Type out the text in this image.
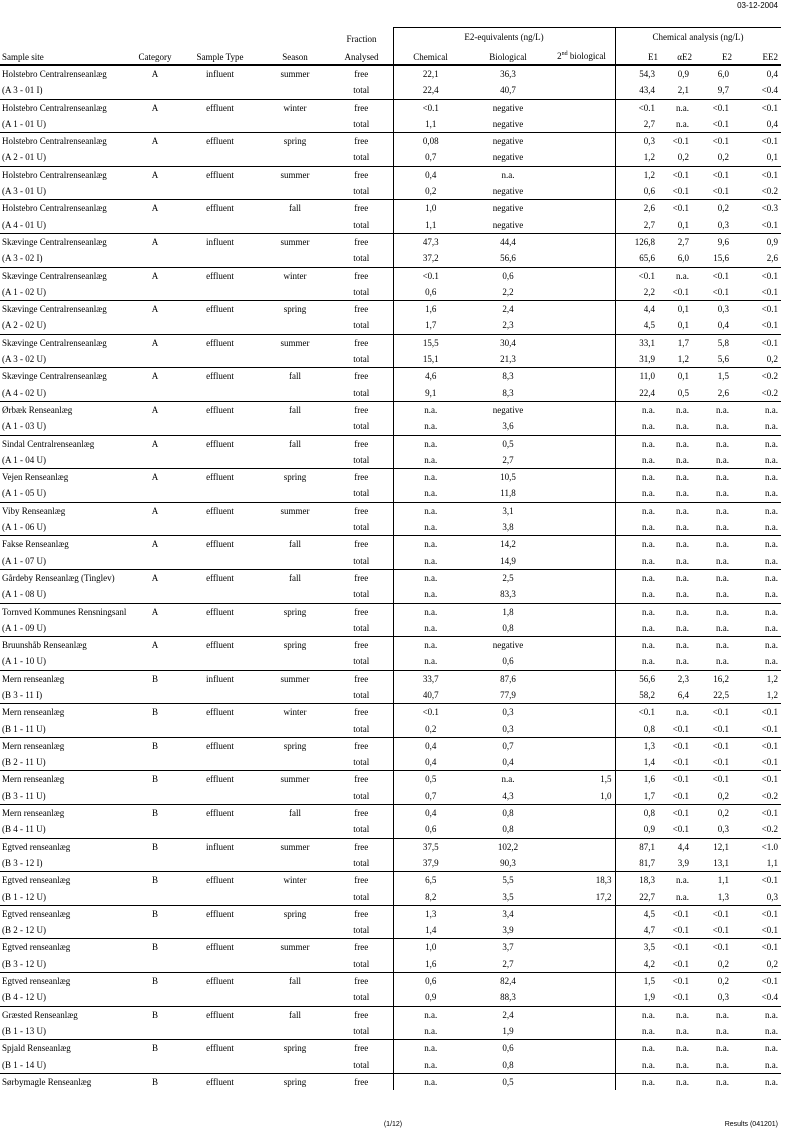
03-12-2004
E2-equivalents (ng/L)	Chemical analysis (ng/L)
Fraction
Sample site	Category	Sample Type	Season	Analysed	Chemical	Biological	2nd biological	E1	αE2	E2	EE2
Holstebro Centralrenseanlæg	A	influent	summer	free	22,1	36,3		54,3	0,9	6,0	0,4
(A 3 - 01 I)				total	22,4	40,7		43,4	2,1	9,7	<0.4
Holstebro Centralrenseanlæg	A	effluent	winter	free	<0.1	negative		<0.1	n.a.	<0.1	<0.1
(A 1 - 01 U)				total	1,1	negative		2,7	n.a.	<0.1	0,4
Holstebro Centralrenseanlæg	A	effluent	spring	free	0,08	negative		0,3	<0.1	<0.1	<0.1
(A 2 - 01 U)				total	0,7	negative		1,2	0,2	0,2	0,1
Holstebro Centralrenseanlæg	A	effluent	summer	free	0,4	n.a.		1,2	<0.1	<0.1	<0.1
(A 3 - 01 U)				total	0,2	negative		0,6	<0.1	<0.1	<0.2
Holstebro Centralrenseanlæg	A	effluent	fall	free	1,0	negative		2,6	<0.1	0,2	<0.3
(A 4 - 01 U)				total	1,1	negative		2,7	0,1	0,3	<0.1
Skævinge Centralrenseanlæg	A	influent	summer	free	47,3	44,4		126,8	2,7	9,6	0,9
(A 3 - 02 I)				total	37,2	56,6		65,6	6,0	15,6	2,6
Skævinge Centralrenseanlæg	A	effluent	winter	free	<0.1	0,6		<0.1	n.a.	<0.1	<0.1
(A 1 - 02 U)				total	0,6	2,2		2,2	<0.1	<0.1	<0.1
Skævinge Centralrenseanlæg	A	effluent	spring	free	1,6	2,4		4,4	0,1	0,3	<0.1
(A 2 - 02 U)				total	1,7	2,3		4,5	0,1	0,4	<0.1
Skævinge Centralrenseanlæg	A	effluent	summer	free	15,5	30,4		33,1	1,7	5,8	<0.1
(A 3 - 02 U)				total	15,1	21,3		31,9	1,2	5,6	0,2
Skævinge Centralrenseanlæg	A	effluent	fall	free	4,6	8,3		11,0	0,1	1,5	<0.2
(A 4 - 02 U)				total	9,1	8,3		22,4	0,5	2,6	<0.2
Ørbæk Renseanlæg	A	effluent	fall	free	n.a.	negative		n.a.	n.a.	n.a.	n.a.
(A 1 - 03 U)				total	n.a.	3,6		n.a.	n.a.	n.a.	n.a.
Sindal Centralrenseanlæg	A	effluent	fall	free	n.a.	0,5		n.a.	n.a.	n.a.	n.a.
(A 1 - 04 U)				total	n.a.	2,7		n.a.	n.a.	n.a.	n.a.
Vejen Renseanlæg	A	effluent	spring	free	n.a.	10,5		n.a.	n.a.	n.a.	n.a.
(A 1 - 05 U)				total	n.a.	11,8		n.a.	n.a.	n.a.	n.a.
Viby Renseanlæg	A	effluent	summer	free	n.a.	3,1		n.a.	n.a.	n.a.	n.a.
(A 1 - 06 U)				total	n.a.	3,8		n.a.	n.a.	n.a.	n.a.
Fakse Renseanlæg	A	effluent	fall	free	n.a.	14,2		n.a.	n.a.	n.a.	n.a.
(A 1 - 07 U)				total	n.a.	14,9		n.a.	n.a.	n.a.	n.a.
Gårdeby Renseanlæg (Tinglev)	A	effluent	fall	free	n.a.	2,5		n.a.	n.a.	n.a.	n.a.
(A 1 - 08 U)				total	n.a.	83,3		n.a.	n.a.	n.a.	n.a.
Tornved Kommunes Rensningsanl	A	effluent	spring	free	n.a.	1,8		n.a.	n.a.	n.a.	n.a.
(A 1 - 09 U)				total	n.a.	0,8		n.a.	n.a.	n.a.	n.a.
Bruunshåb Renseanlæg	A	effluent	spring	free	n.a.	negative		n.a.	n.a.	n.a.	n.a.
(A 1 - 10 U)				total	n.a.	0,6		n.a.	n.a.	n.a.	n.a.
Mern renseanlæg	B	influent	summer	free	33,7	87,6		56,6	2,3	16,2	1,2
(B 3 - 11 I)				total	40,7	77,9		58,2	6,4	22,5	1,2
Mern renseanlæg	B	effluent	winter	free	<0.1	0,3		<0.1	n.a.	<0.1	<0.1
(B 1 - 11 U)				total	0,2	0,3		0,8	<0.1	<0.1	<0.1
Mern renseanlæg	B	effluent	spring	free	0,4	0,7		1,3	<0.1	<0.1	<0.1
(B 2 - 11 U)				total	0,4	0,4		1,4	<0.1	<0.1	<0.1
Mern renseanlæg	B	effluent	summer	free	0,5	n.a.	1,5	1,6	<0.1	<0.1	<0.1
(B 3 - 11 U)				total	0,7	4,3	1,0	1,7	<0.1	0,2	<0.2
Mern renseanlæg	B	effluent	fall	free	0,4	0,8		0,8	<0.1	0,2	<0.1
(B 4 - 11 U)				total	0,6	0,8		0,9	<0.1	0,3	<0.2
Egtved renseanlæg	B	influent	summer	free	37,5	102,2		87,1	4,4	12,1	<1.0
(B 3 - 12 I)				total	37,9	90,3		81,7	3,9	13,1	1,1
Egtved renseanlæg	B	effluent	winter	free	6,5	5,5	18,3	18,3	n.a.	1,1	<0.1
(B 1 - 12 U)				total	8,2	3,5	17,2	22,7	n.a.	1,3	0,3
Egtved renseanlæg	B	effluent	spring	free	1,3	3,4		4,5	<0.1	<0.1	<0.1
(B 2 - 12 U)				total	1,4	3,9		4,7	<0.1	<0.1	<0.1
Egtved renseanlæg	B	effluent	summer	free	1,0	3,7		3,5	<0.1	<0.1	<0.1
(B 3 - 12 U)				total	1,6	2,7		4,2	<0.1	0,2	0,2
Egtved renseanlæg	B	effluent	fall	free	0,6	82,4		1,5	<0.1	0,2	<0.1
(B 4 - 12 U)				total	0,9	88,3		1,9	<0.1	0,3	<0.4
Græsted Renseanlæg	B	effluent	fall	free	n.a.	2,4		n.a.	n.a.	n.a.	n.a.
(B 1 - 13 U)				total	n.a.	1,9		n.a.	n.a.	n.a.	n.a.
Spjald Renseanlæg	B	effluent	spring	free	n.a.	0,6		n.a.	n.a.	n.a.	n.a.
(B 1 - 14 U)				total	n.a.	0,8		n.a.	n.a.	n.a.	n.a.
Sørbymagle Renseanlæg	B	effluent	spring	free	n.a.	0,5		n.a.	n.a.	n.a.	n.a.
(1/12)	Results (041201)
